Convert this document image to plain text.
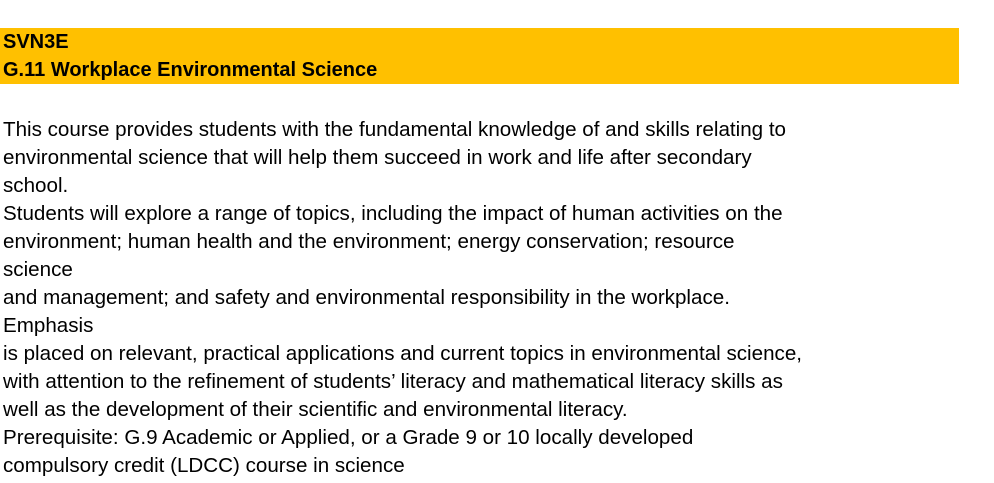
SVN3E
G.11 Workplace Environmental Science
This course provides students with the fundamental knowledge of and skills relating to
environmental science that will help them succeed in work and life after secondary
school.
Students will explore a range of topics, including the impact of human activities on the
environment; human health and the environment; energy conservation; resource
science
and management; and safety and environmental responsibility in the workplace.
Emphasis
is placed on relevant, practical applications and current topics in environmental science,
with attention to the refinement of students’ literacy and mathematical literacy skills as
well as the development of their scientific and environmental literacy.
Prerequisite: G.9 Academic or Applied, or a Grade 9 or 10 locally developed
compulsory credit (LDCC) course in science
